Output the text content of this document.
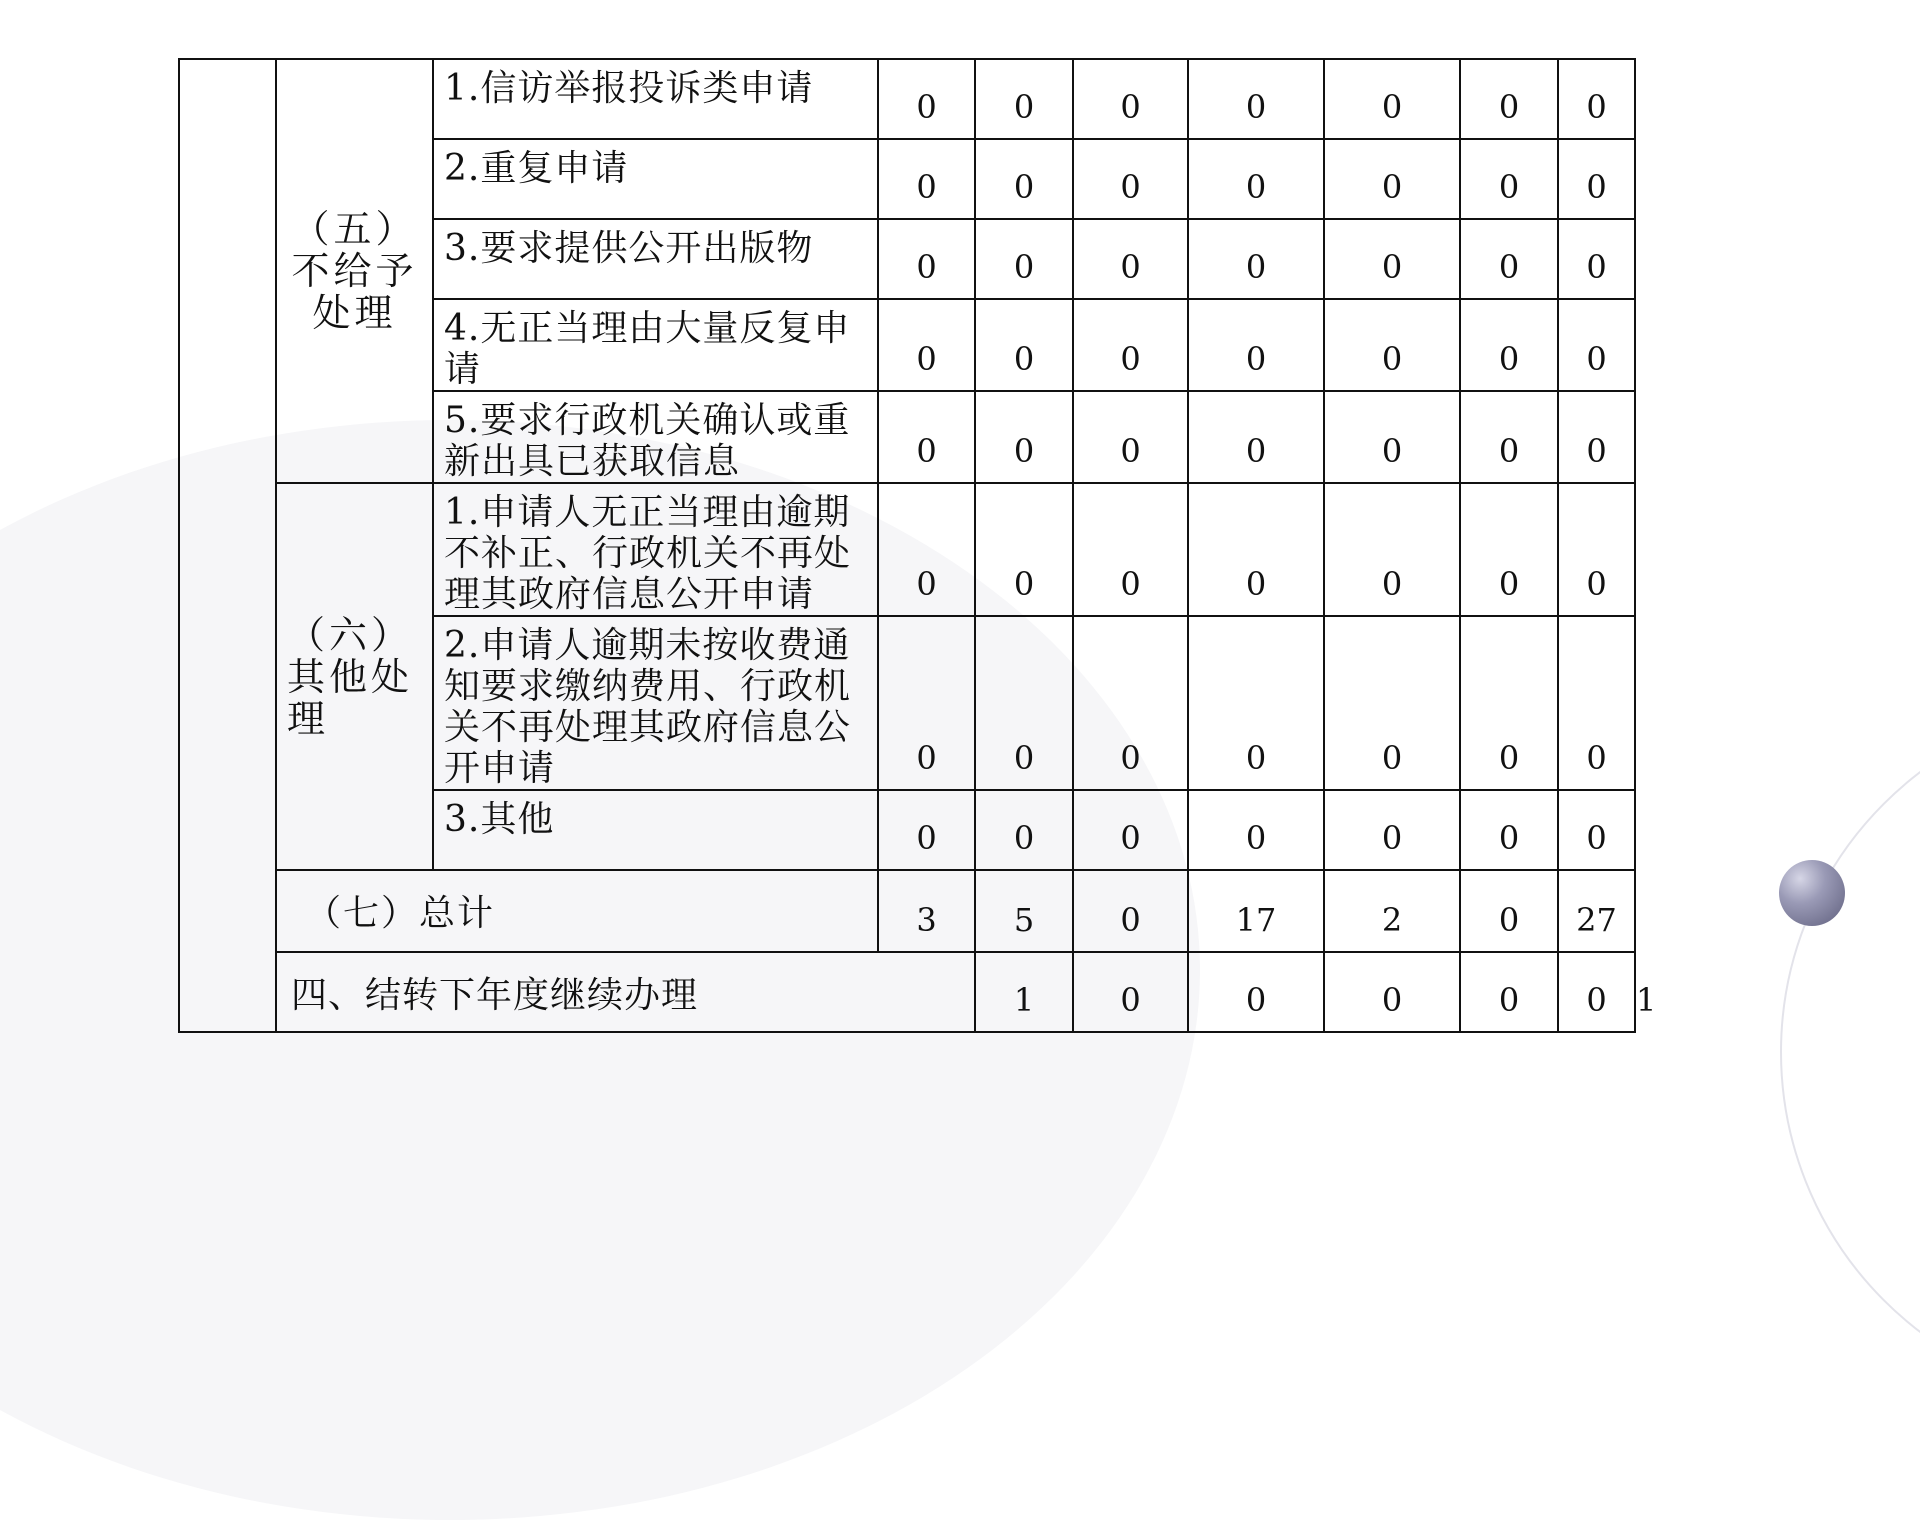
	（五）不给予处理	1.信访举报投诉类申请	0	0	0	0	0	0	0	
		2.重复申请	0	0	0	0	0	0	0	
		3.要求提供公开出版物	0	0	0	0	0	0	0	
		4.无正当理由大量反复申请	0	0	0	0	0	0	0	
		5.要求行政机关确认或重新出具已获取信息	0	0	0	0	0	0	0	
	（六）其他处理	1.申请人无正当理由逾期不补正、行政机关不再处理其政府信息公开申请	0	0	0	0	0	0	0	
		2.申请人逾期未按收费通知要求缴纳费用、行政机关不再处理其政府信息公开申请	0	0	0	0	0	0	0	
		3.其他	0	0	0	0	0	0	0	
	（七）总计		3	5	0	17	2	0	27	
	四、结转下年度继续办理			1	0	0	0	0	0	1
